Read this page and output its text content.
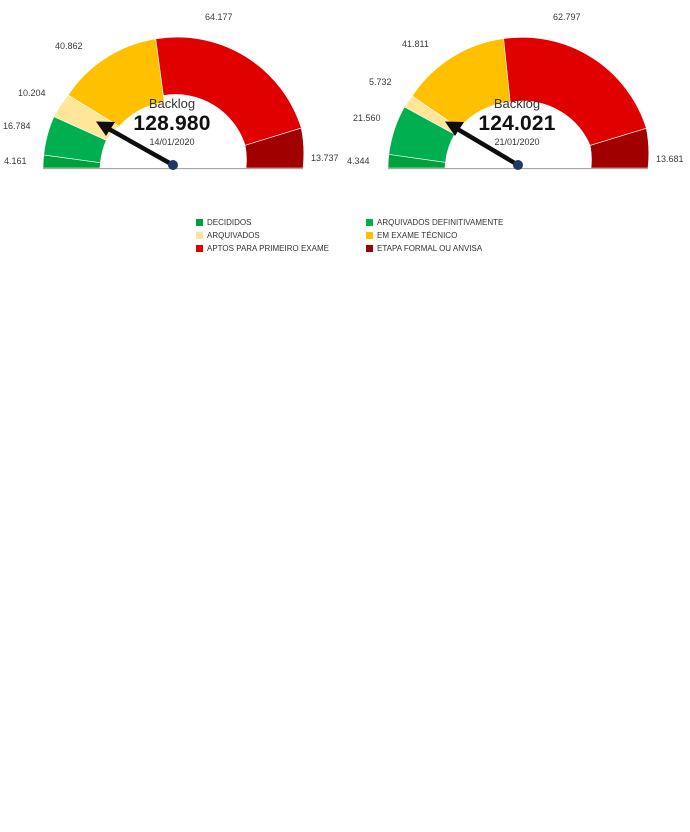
4.161
16.784
10.204
40.862
64.177
13.737
Backlog
128.980
14/01/2020
4.344
21.560
5.732
41.811
62.797
13.681
Backlog
124.021
21/01/2020
DECIDIDOS	ARQUIVADOS DEFINITIVAMENTE
ARQUIVADOS	EM EXAME TÉCNICO
APTOS PARA PRIMEIRO EXAME	ETAPA FORMAL OU ANVISA
